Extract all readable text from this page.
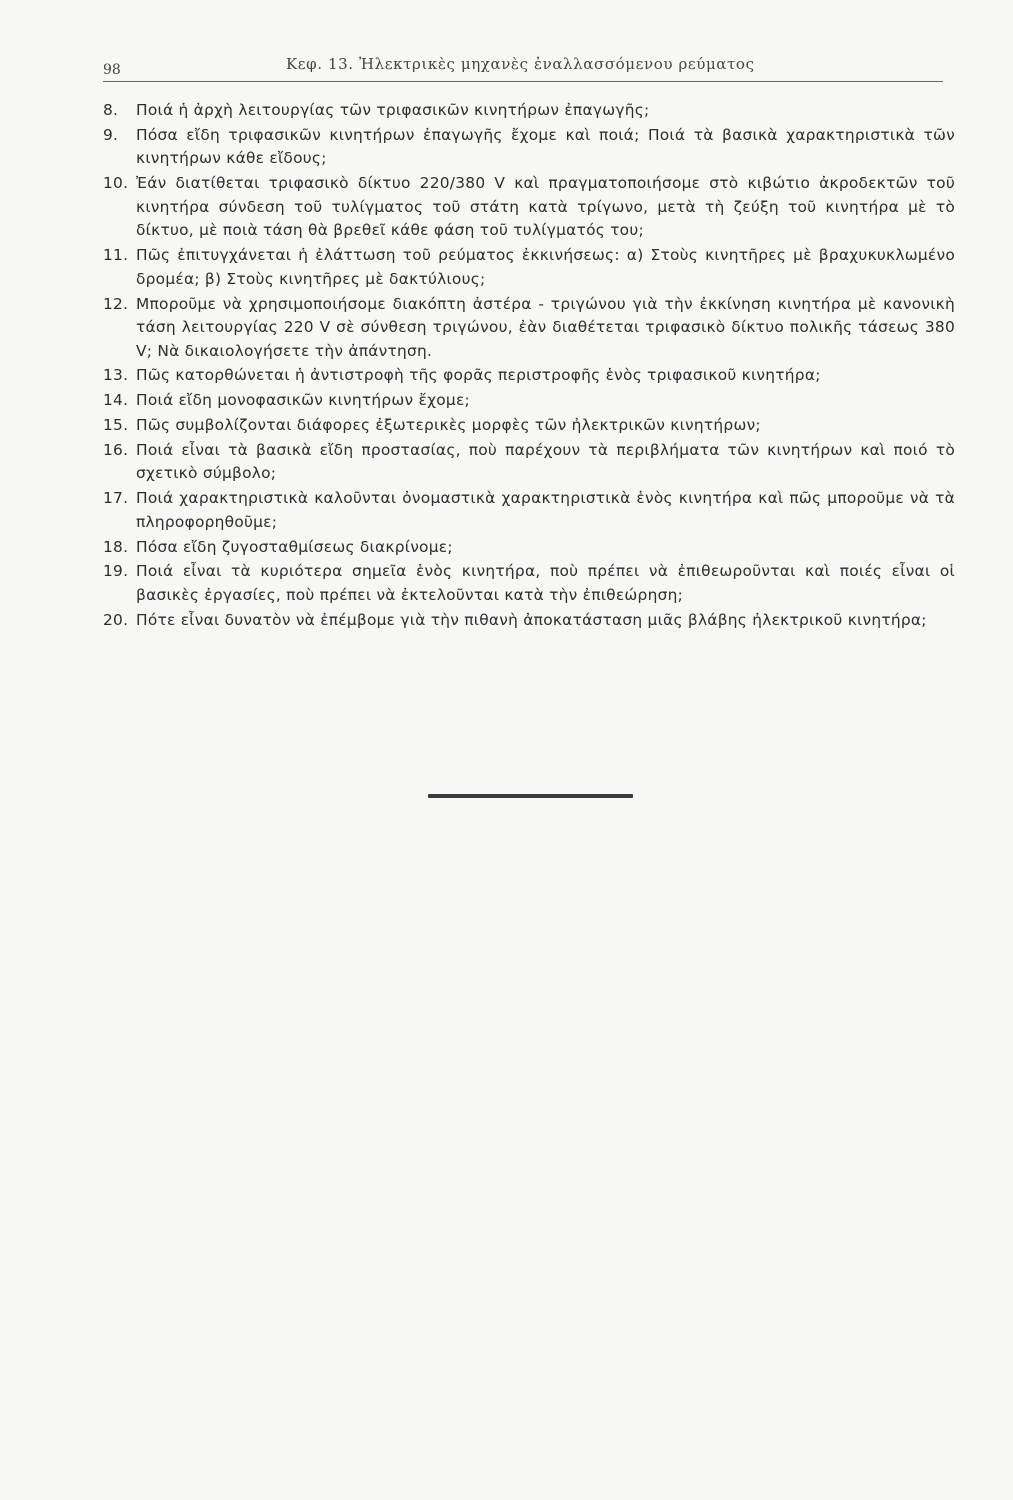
98	Κεφ. 13. Ἠλεκτρικὲς μηχανὲς ἐναλλασσόμενου ρεύματος
8. Ποιά ἡ ἀρχὴ λειτουργίας τῶν τριφασικῶν κινητήρων ἐπαγωγῆς;
9. Πόσα εἴδη τριφασικῶν κινητήρων ἐπαγωγῆς ἔχομε καὶ ποιά; Ποιά τὰ βασικὰ χαρακτηριστικὰ τῶν κινητήρων κάθε εἴδους;
10. Ἐάν διατίθεται τριφασικὸ δίκτυο 220/380 V καὶ πραγματοποιήσομε στὸ κιβώτιο ἀκροδεκτῶν τοῦ κινητήρα σύνδεση τοῦ τυλίγματος τοῦ στάτη κατὰ τρίγωνο, μετὰ τὴ ζεύξη τοῦ κινητήρα μὲ τὸ δίκτυο, μὲ ποιὰ τάση θὰ βρεθεῖ κάθε φάση τοῦ τυλίγματός του;
11. Πῶς ἐπιτυγχάνεται ἡ ἐλάττωση τοῦ ρεύματος ἐκκινήσεως: α) Στοὺς κινητῆρες μὲ βραχυκυκλωμένο δρομέα; β) Στοὺς κινητῆρες μὲ δακτύλιους;
12. Μποροῦμε νὰ χρησιμοποιήσομε διακόπτη ἀστέρα - τριγώνου γιὰ τὴν ἐκκίνηση κινητήρα μὲ κανονικὴ τάση λειτουργίας 220 V σὲ σύνθεση τριγώνου, ἐὰν διαθέτεται τριφασικὸ δίκτυο πολικῆς τάσεως 380 V; Νὰ δικαιολογήσετε τὴν ἀπάντηση.
13. Πῶς κατορθώνεται ἡ ἀντιστροφὴ τῆς φορᾶς περιστροφῆς ἑνὸς τριφασικοῦ κινητήρα;
14. Ποιά εἴδη μονοφασικῶν κινητήρων ἔχομε;
15. Πῶς συμβολίζονται διάφορες ἐξωτερικὲς μορφὲς τῶν ἠλεκτρικῶν κινητήρων;
16. Ποιά εἶναι τὰ βασικὰ εἴδη προστασίας, ποὺ παρέχουν τὰ περιβλήματα τῶν κινητήρων καὶ ποιό τὸ σχετικὸ σύμβολο;
17. Ποιά χαρακτηριστικὰ καλοῦνται ὀνομαστικὰ χαρακτηριστικὰ ἑνὸς κινητήρα καὶ πῶς μποροῦμε νὰ τὰ πληροφορηθοῦμε;
18. Πόσα εἴδη ζυγοσταθμίσεως διακρίνομε;
19. Ποιά εἶναι τὰ κυριότερα σημεῖα ἑνὸς κινητήρα, ποὺ πρέπει νὰ ἐπιθεωροῦνται καὶ ποιές εἶναι οἱ βασικὲς ἐργασίες, ποὺ πρέπει νὰ ἐκτελοῦνται κατὰ τὴν ἐπιθεώρηση;
20. Πότε εἶναι δυνατὸν νὰ ἐπέμβομε γιὰ τὴν πιθανὴ ἀποκατάσταση μιᾶς βλάβης ἠλεκτρικοῦ κινητήρα;
